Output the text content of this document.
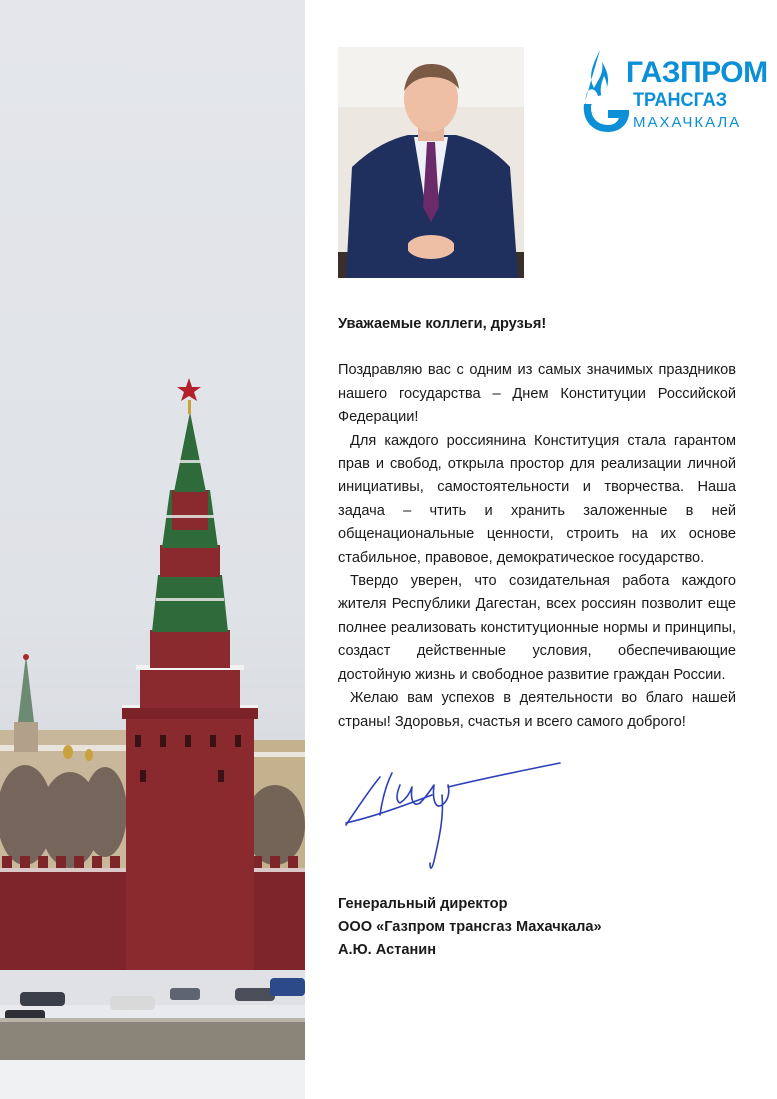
ГАЗПРОМ
ТРАНСГАЗ
МАХАЧКАЛА

Уважаемые коллеги, друзья!

Поздравляю вас с одним из самых значимых праздников нашего государства – Днем Конституции Российской Федерации!

Для каждого россиянина Конституция стала гарантом прав и свобод, открыла простор для реализации личной инициативы, самостоятельности и творчества. Наша задача – чтить и хранить заложенные в ней общенациональные ценности, строить на их основе стабильное, правовое, демократическое государство.

Твердо уверен, что созидательная работа каждого жителя Республики Дагестан, всех россиян позволит еще полнее реализовать конституционные нормы и принципы, создаст действенные условия, обеспечивающие достойную жизнь и свободное развитие граждан России.

Желаю вам успехов в деятельности во благо нашей страны! Здоровья, счастья и всего самого доброго!

Генеральный директор
ООО «Газпром трансгаз Махачкала»
А.Ю. Астанин
